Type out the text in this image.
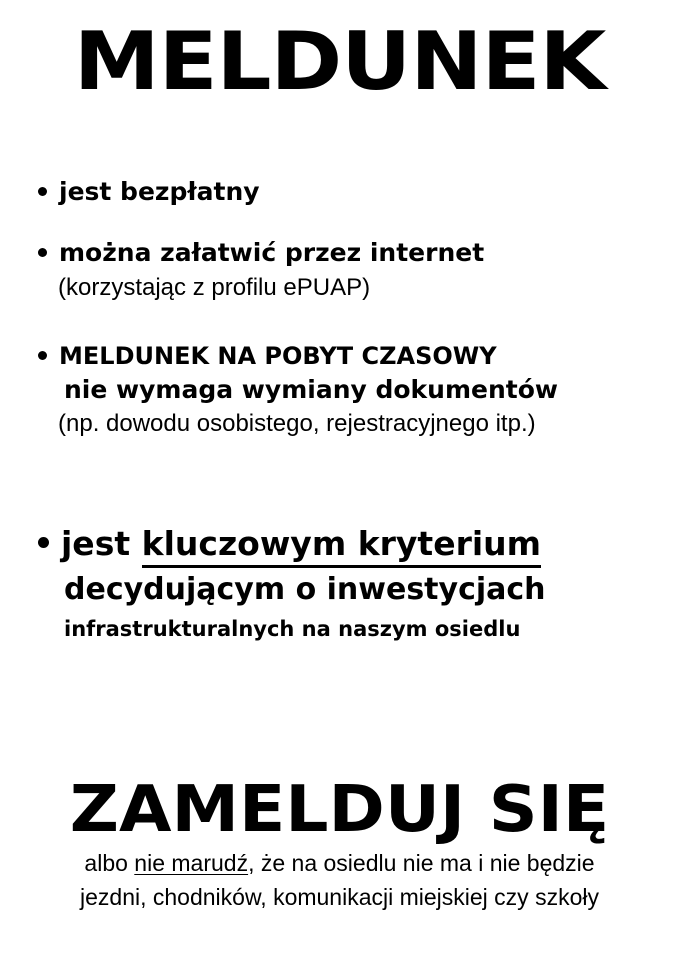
MELDUNEK
jest bezpłatny
można załatwić przez internet
(korzystając z profilu ePUAP)
MELDUNEK NA POBYT CZASOWY
nie wymaga wymiany dokumentów
(np. dowodu osobistego, rejestracyjnego itp.)
jest kluczowym kryterium
decydującym o inwestycjach
infrastrukturalnych na naszym osiedlu
ZAMELDUJ SIĘ
albo nie marudź, że na osiedlu nie ma i nie będzie
jezdni, chodników, komunikacji miejskiej czy szkoły
